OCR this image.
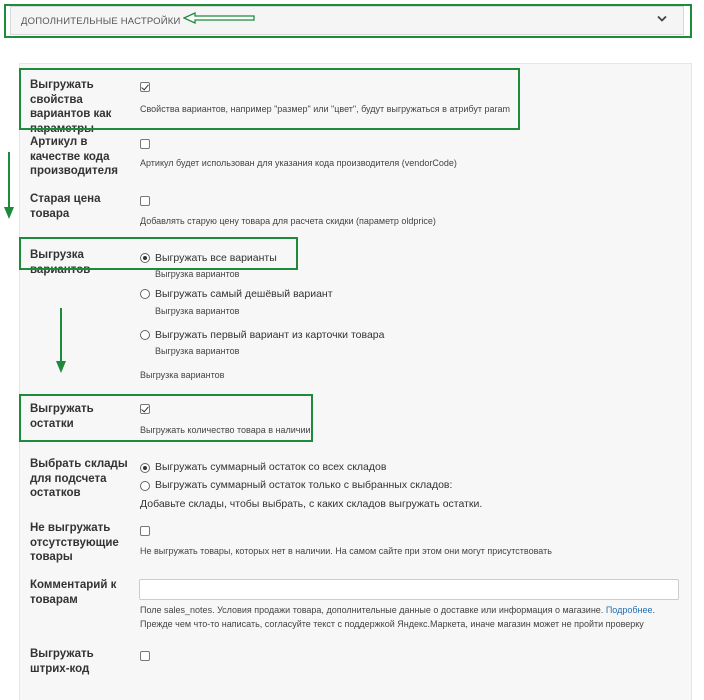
ДОПОЛНИТЕЛЬНЫЕ НАСТРОЙКИ
Выгружать свойства вариантов как параметры
Свойства вариантов, например "размер" или "цвет", будут выгружаться в атрибут param
Артикул в качестве кода производителя
Артикул будет использован для указания кода производителя (vendorCode)
Старая цена товара
Добавлять старую цену товара для расчета скидки (параметр oldprice)
Выгрузка вариантов
Выгружать все варианты
Выгрузка вариантов
Выгружать самый дешёвый вариант
Выгрузка вариантов
Выгружать первый вариант из карточки товара
Выгрузка вариантов
Выгрузка вариантов
Выгружать остатки
Выгружать количество товара в наличии.
Выбрать склады для подсчета остатков
Выгружать суммарный остаток со всех складов
Выгружать суммарный остаток только с выбранных складов:
Добавьте склады, чтобы выбрать, с каких складов выгружать остатки.
Не выгружать отсутствующие товары	Не выгружать товары, которых нет в наличии. На самом сайте при этом они могут присутствовать
Комментарий к товарам
Поле sales_notes. Условия продажи товара, дополнительные данные о доставке или информация о магазине. Подробнее. Прежде чем что-то написать, согласуйте текст с поддержкой Яндекс.Маркета, иначе магазин может не пройти проверку
Выгружать штрих-код
